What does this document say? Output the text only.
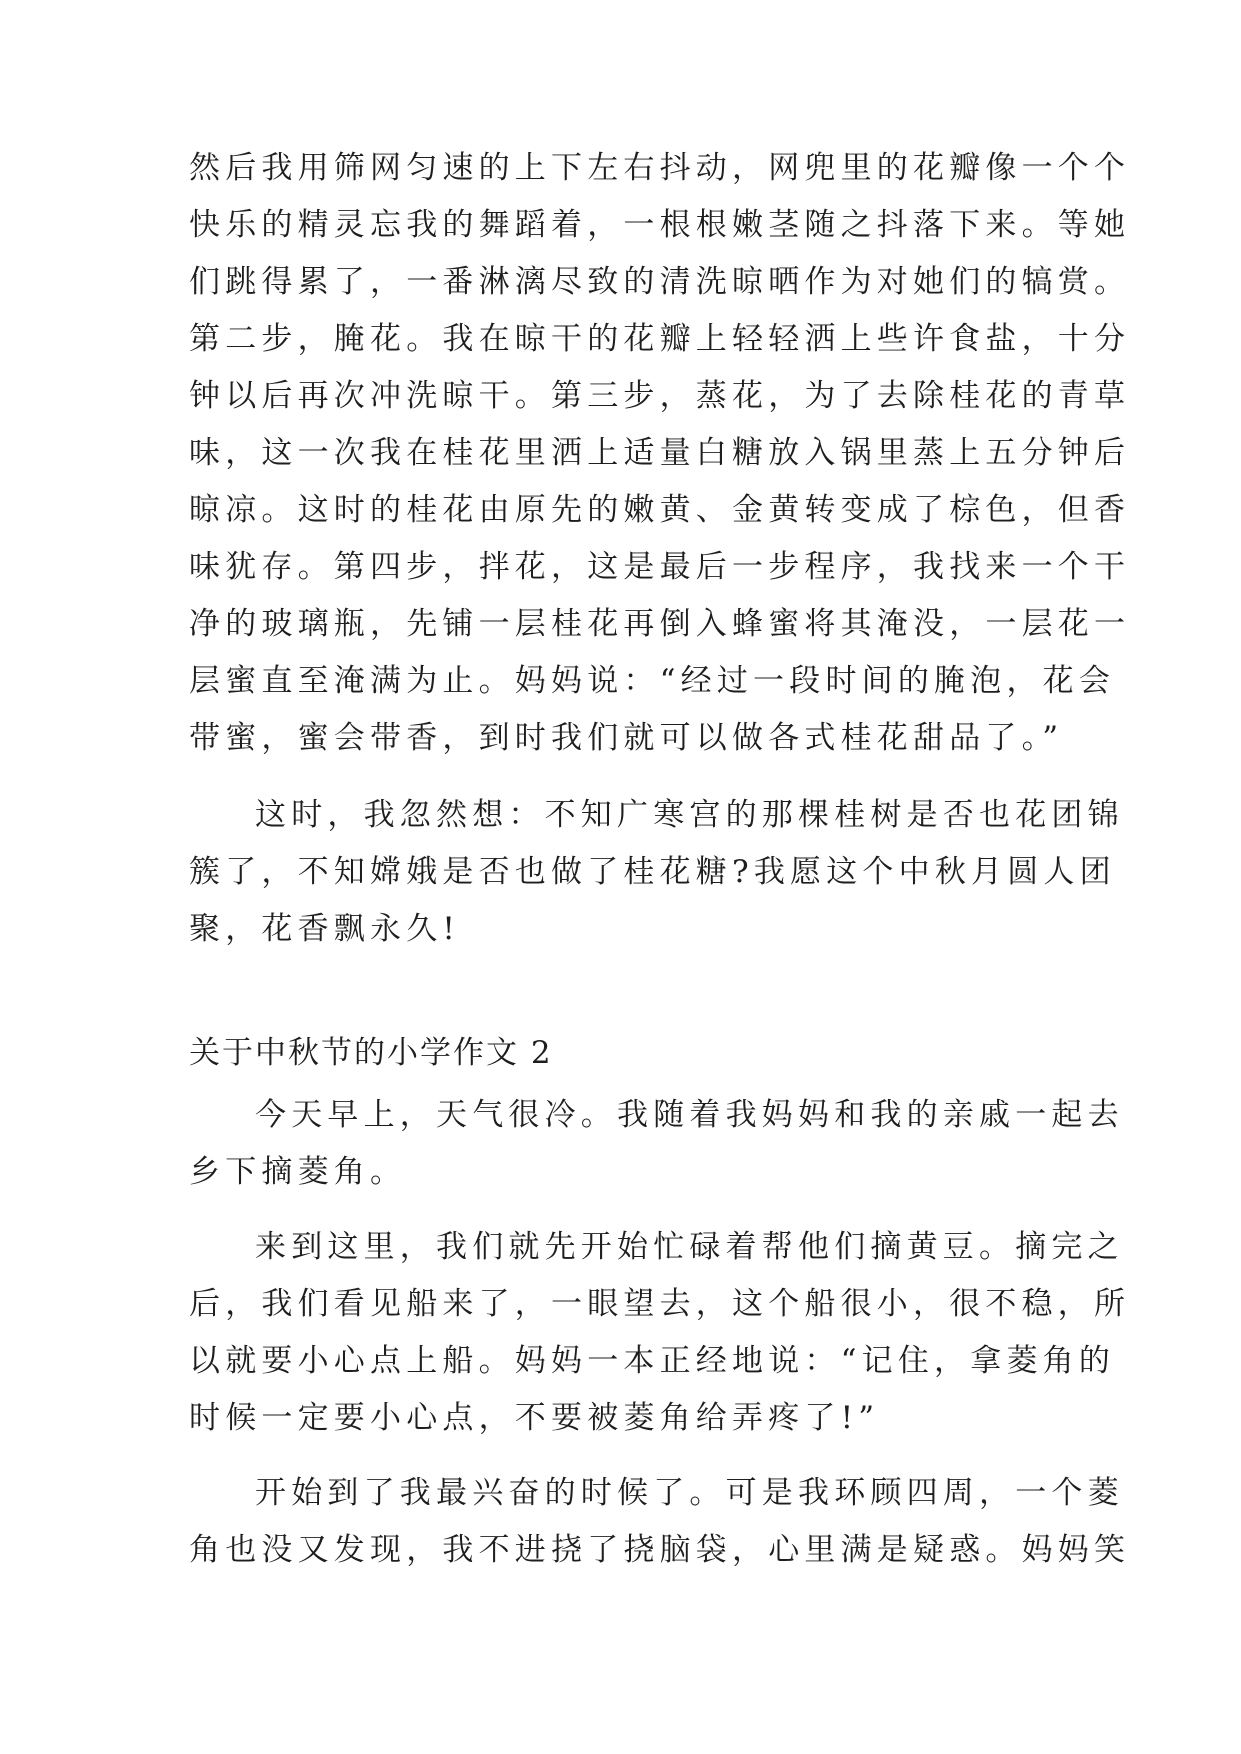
然后我用筛网匀速的上下左右抖动，网兜里的花瓣像一个个
快乐的精灵忘我的舞蹈着，一根根嫩茎随之抖落下来。等她
们跳得累了，一番淋漓尽致的清洗晾晒作为对她们的犒赏。
第二步，腌花。我在晾干的花瓣上轻轻洒上些许食盐，十分
钟以后再次冲洗晾干。第三步，蒸花，为了去除桂花的青草
味，这一次我在桂花里洒上适量白糖放入锅里蒸上五分钟后
晾凉。这时的桂花由原先的嫩黄、金黄转变成了棕色，但香
味犹存。第四步，拌花，这是最后一步程序，我找来一个干
净的玻璃瓶，先铺一层桂花再倒入蜂蜜将其淹没，一层花一
层蜜直至淹满为止。妈妈说：“经过一段时间的腌泡，花会
带蜜，蜜会带香，到时我们就可以做各式桂花甜品了。”
这时，我忽然想：不知广寒宫的那棵桂树是否也花团锦
簇了，不知嫦娥是否也做了桂花糖?我愿这个中秋月圆人团
聚，花香飘永久!
关于中秋节的小学作文 2
今天早上，天气很冷。我随着我妈妈和我的亲戚一起去
乡下摘菱角。
来到这里，我们就先开始忙碌着帮他们摘黄豆。摘完之
后，我们看见船来了，一眼望去，这个船很小，很不稳，所
以就要小心点上船。妈妈一本正经地说：“记住，拿菱角的
时候一定要小心点，不要被菱角给弄疼了!”
开始到了我最兴奋的时候了。可是我环顾四周，一个菱
角也没又发现，我不进挠了挠脑袋，心里满是疑惑。妈妈笑
